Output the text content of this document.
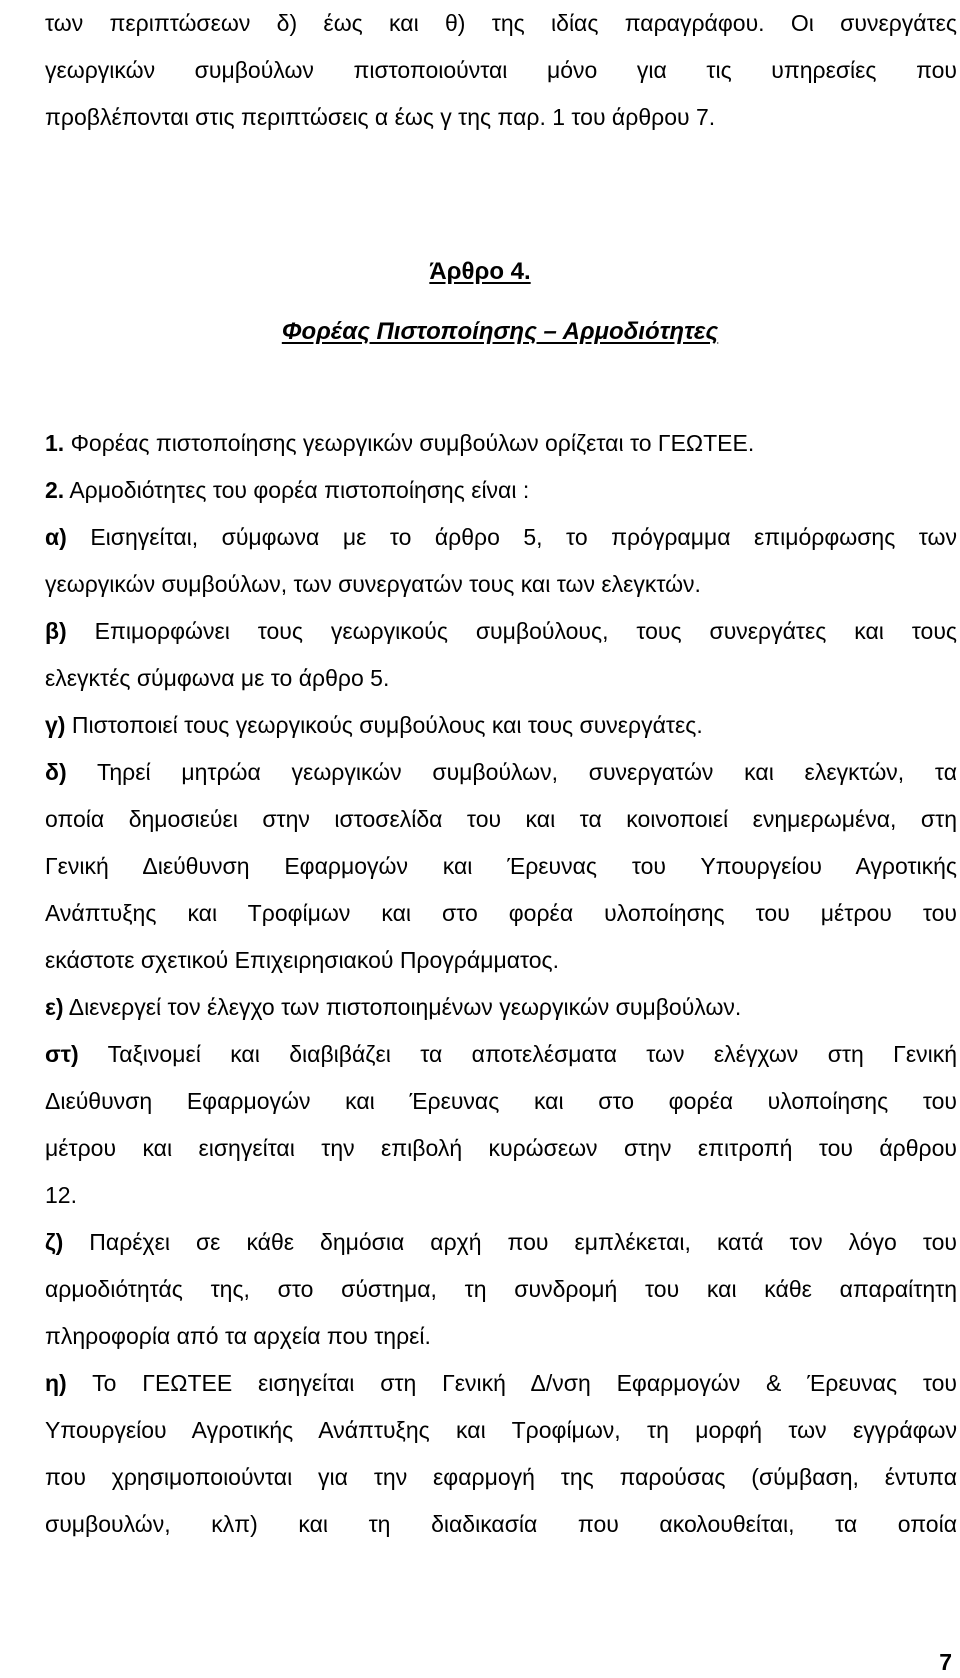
των περιπτώσεων δ) έως και θ) της ιδίας παραγράφου. Οι συνεργάτες
γεωργικών συμβούλων πιστοποιούνται μόνο για τις υπηρεσίες που
προβλέπονται στις περιπτώσεις α έως γ της παρ. 1 του άρθρου 7.
Άρθρο 4.
Φορέας Πιστοποίησης – Αρμοδιότητες

1. Φορέας πιστοποίησης γεωργικών συμβούλων ορίζεται το ΓΕΩΤΕΕ.

2. Αρμοδιότητες του φορέα πιστοποίησης είναι :

α) Εισηγείται, σύμφωνα με το άρθρο 5, το πρόγραμμα επιμόρφωσης των
γεωργικών συμβούλων, των συνεργατών τους και των ελεγκτών.

β) Επιμορφώνει τους γεωργικούς συμβούλους, τους συνεργάτες και τους
ελεγκτές σύμφωνα με το άρθρο 5.

γ) Πιστοποιεί τους γεωργικούς συμβούλους και τους συνεργάτες.

δ) Τηρεί μητρώα γεωργικών συμβούλων, συνεργατών και ελεγκτών, τα
οποία δημοσιεύει στην ιστοσελίδα του και τα κοινοποιεί ενημερωμένα, στη
Γενική Διεύθυνση Εφαρμογών και Έρευνας του Υπουργείου Αγροτικής
Ανάπτυξης και Τροφίμων και στο φορέα υλοποίησης του μέτρου του
εκάστοτε σχετικού Επιχειρησιακού Προγράμματος.

ε) Διενεργεί τον έλεγχο των πιστοποιημένων γεωργικών συμβούλων.

στ) Ταξινομεί και διαβιβάζει τα αποτελέσματα των ελέγχων στη Γενική
Διεύθυνση Εφαρμογών και Έρευνας και στο φορέα υλοποίησης του
μέτρου και εισηγείται την επιβολή κυρώσεων στην επιτροπή του άρθρου
12.

ζ) Παρέχει σε κάθε δημόσια αρχή που εμπλέκεται, κατά τον λόγο του
αρμοδιότητάς της, στο σύστημα, τη συνδρομή του και κάθε απαραίτητη
πληροφορία από τα αρχεία που τηρεί.

η) Το ΓΕΩΤΕΕ εισηγείται στη Γενική Δ/νση Εφαρμογών & Έρευνας του
Υπουργείου Αγροτικής Ανάπτυξης και Τροφίμων, τη μορφή των εγγράφων
που χρησιμοποιούνται για την εφαρμογή της παρούσας (σύμβαση, έντυπα
συμβουλών, κλπ) και τη διαδικασία που ακολουθείται, τα οποία

7
